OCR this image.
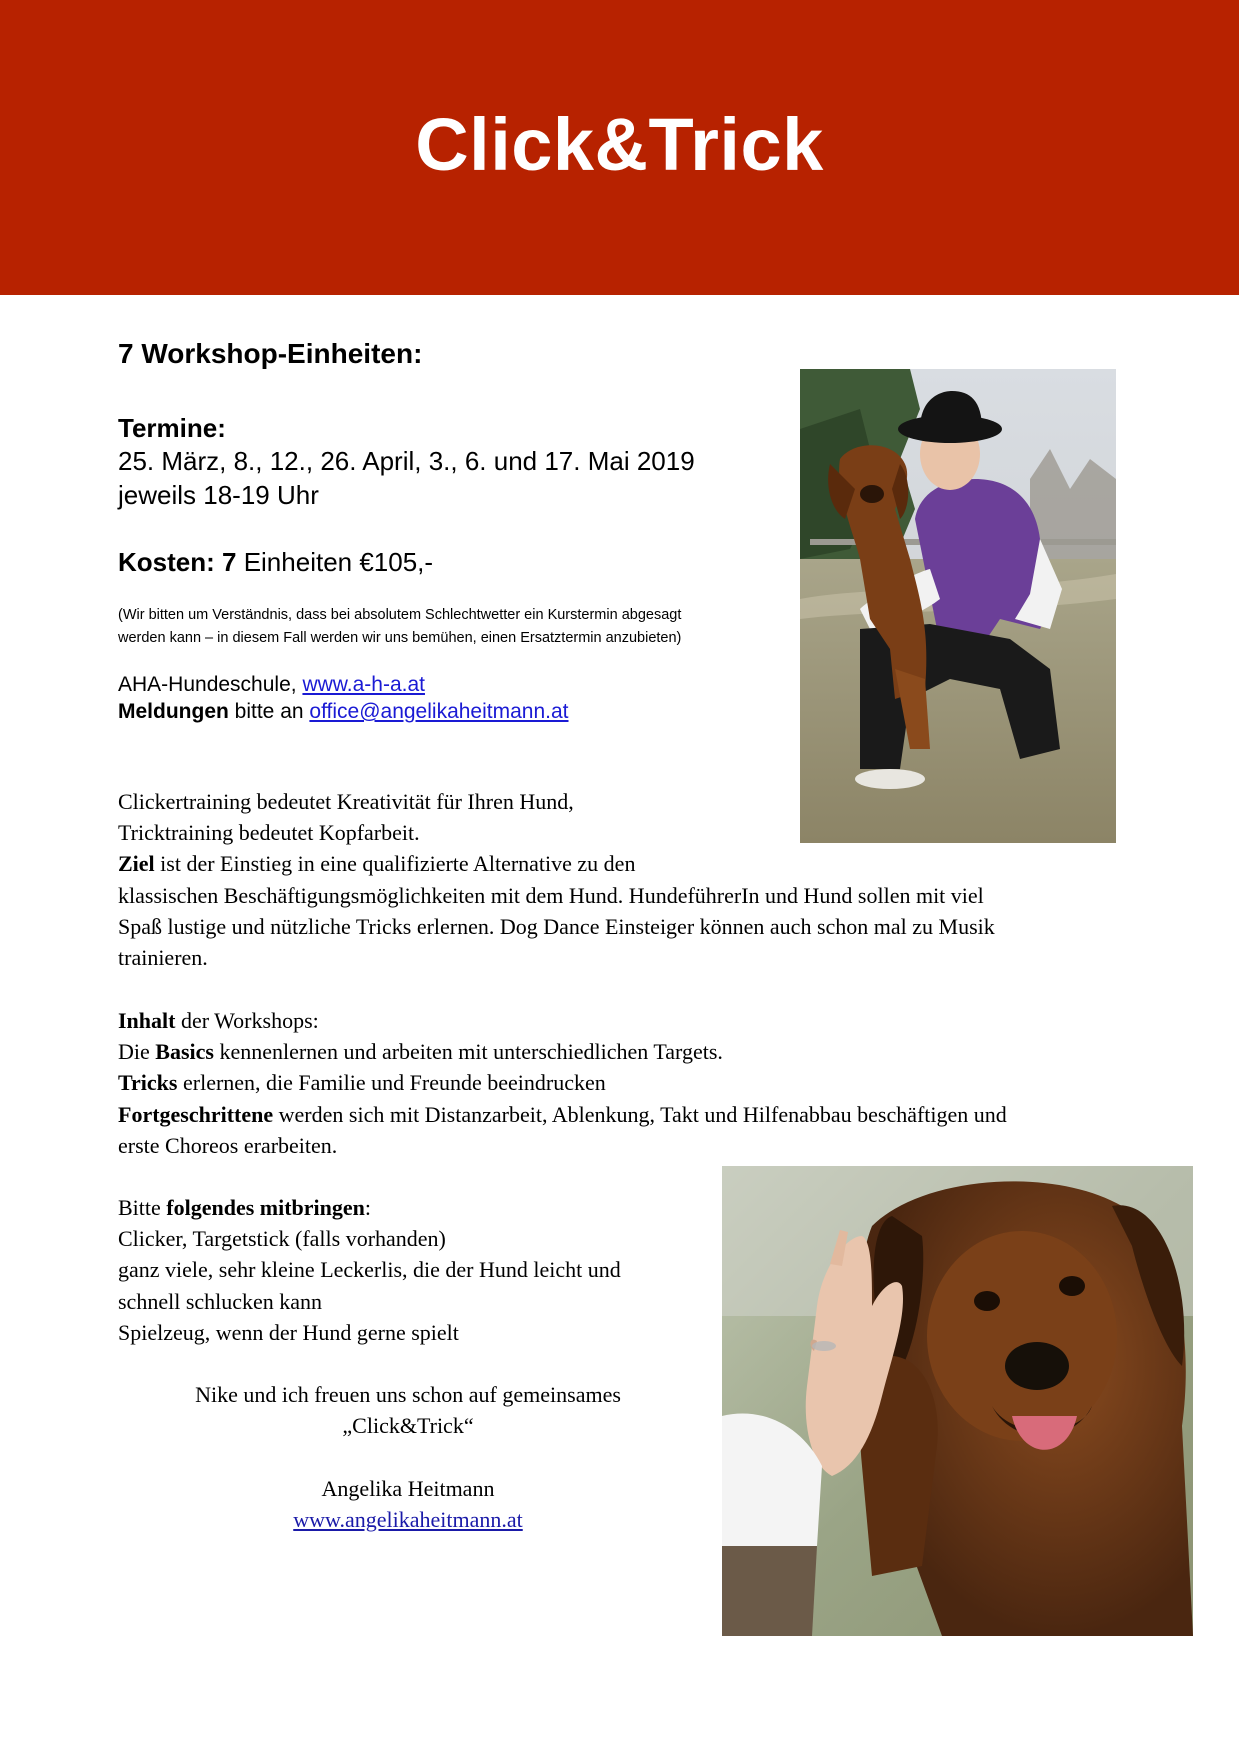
Click&Trick
7 Workshop-Einheiten:
Termine:
25. März, 8., 12., 26. April, 3., 6. und 17. Mai 2019
jeweils 18-19 Uhr
Kosten: 7 Einheiten €105,-
(Wir bitten um Verständnis, dass bei absolutem Schlechtwetter ein Kurstermin abgesagt
werden kann – in diesem Fall werden wir uns bemühen, einen Ersatztermin anzubieten)
AHA-Hundeschule, www.a-h-a.at
Meldungen bitte an office@angelikaheitmann.at
Clickertraining bedeutet Kreativität für Ihren Hund,
Tricktraining bedeutet Kopfarbeit.
Ziel ist der Einstieg in eine qualifizierte Alternative zu den
klassischen Beschäftigungsmöglichkeiten mit dem Hund. HundeführerIn und Hund sollen mit viel
Spaß lustige und nützliche Tricks erlernen. Dog Dance Einsteiger können auch schon mal zu Musik
trainieren.
Inhalt der Workshops:
Die Basics kennenlernen und arbeiten mit unterschiedlichen Targets.
Tricks erlernen, die Familie und Freunde beeindrucken
Fortgeschrittene werden sich mit Distanzarbeit, Ablenkung, Takt und Hilfenabbau beschäftigen und
erste Choreos erarbeiten.
Bitte folgendes mitbringen:
Clicker, Targetstick (falls vorhanden)
ganz viele, sehr kleine Leckerlis, die der Hund leicht und
schnell schlucken kann
Spielzeug, wenn der Hund gerne spielt
Nike und ich freuen uns schon auf gemeinsames
„Click&Trick“
Angelika Heitmann
www.angelikaheitmann.at
